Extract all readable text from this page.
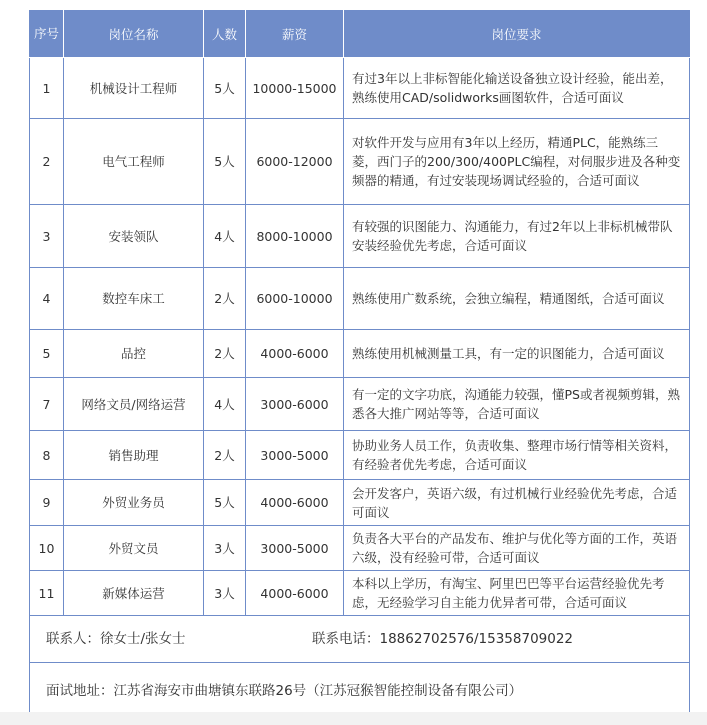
序号	岗位名称	人数	薪资	岗位要求
1	机械设计工程师	5人	10000-15000	有过3年以上非标智能化输送设备独立设计经验，能出差，熟练使用CAD/solidworks画图软件，合适可面议
2	电气工程师	5人	6000-12000	对软件开发与应用有3年以上经历，精通PLC，能熟练三菱，西门子的200/300/400PLC编程，对伺服步进及各种变频器的精通，有过安装现场调试经验的，合适可面议
3	安装领队	4人	8000-10000	有较强的识图能力、沟通能力，有过2年以上非标机械带队安装经验优先考虑，合适可面议
4	数控车床工	2人	6000-10000	熟练使用广数系统，会独立编程，精通图纸，合适可面议
5	品控	2人	4000-6000	熟练使用机械测量工具，有一定的识图能力，合适可面议
7	网络文员/网络运营	4人	3000-6000	有一定的文字功底，沟通能力较强，懂PS或者视频剪辑，熟悉各大推广网站等等，合适可面议
8	销售助理	2人	3000-5000	协助业务人员工作，负责收集、整理市场行情等相关资料，有经验者优先考虑，合适可面议
9	外贸业务员	5人	4000-6000	会开发客户，英语六级，有过机械行业经验优先考虑，合适可面议
10	外贸文员	3人	3000-5000	负责各大平台的产品发布、维护与优化等方面的工作，英语六级，没有经验可带，合适可面议
11	新媒体运营	3人	4000-6000	本科以上学历，有淘宝、阿里巴巴等平台运营经验优先考虑，无经验学习自主能力优异者可带，合适可面议

联系人：徐女士/张女士 联系电话：18862702576/15358709022				

面试地址：江苏省海安市曲塘镇东联路26号（江苏冠猴智能控制设备有限公司）				
